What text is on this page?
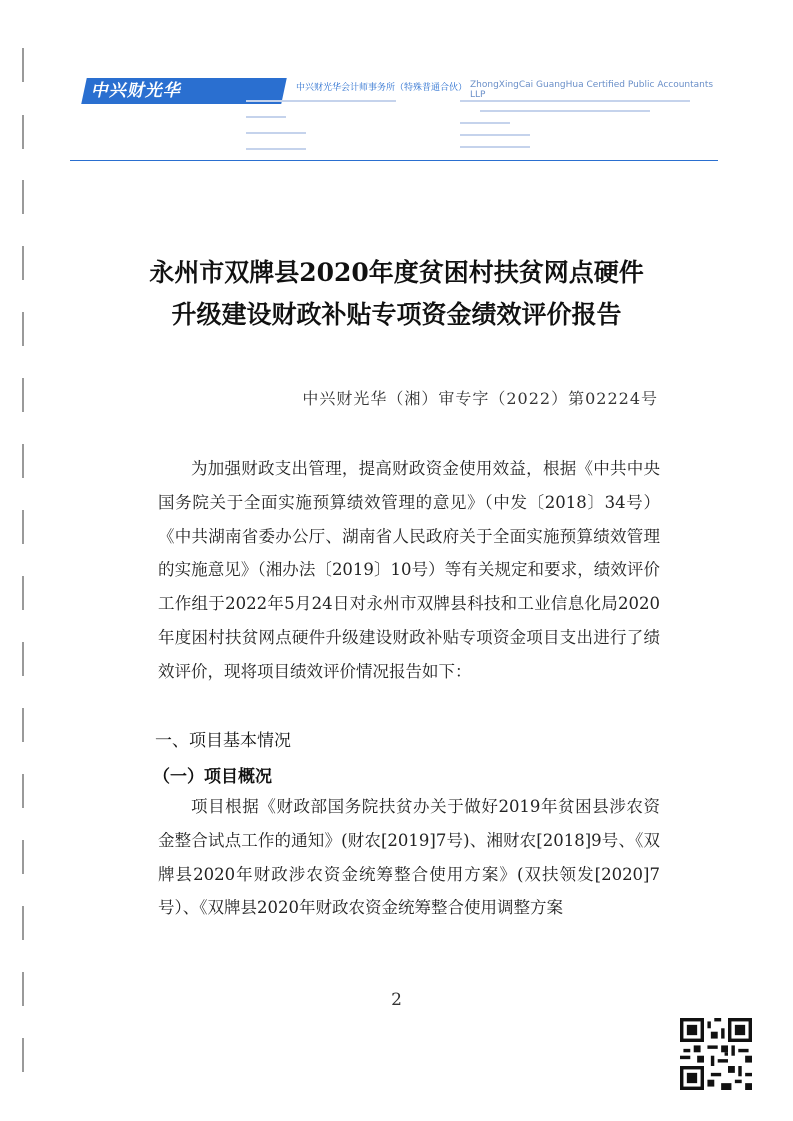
中兴财光华	中兴财光华会计师事务所（特殊普通合伙） ZhongXingCai GuangHua Certified Public Accountants LLP
永州市双牌县2020年度贫困村扶贫网点硬件
升级建设财政补贴专项资金绩效评价报告
中兴财光华（湘）审专字（2022）第02224号

为加强财政支出管理，提高财政资金使用效益，根据《中共中央国务院关于全面实施预算绩效管理的意见》（中发〔2018〕34号）《中共湖南省委办公厅、湖南省人民政府关于全面实施预算绩效管理的实施意见》（湘办法〔2019〕10号）等有关规定和要求，绩效评价工作组于2022年5月24日对永州市双牌县科技和工业信息化局2020年度困村扶贫网点硬件升级建设财政补贴专项资金项目支出进行了绩效评价，现将项目绩效评价情况报告如下：

一、项目基本情况
（一）项目概况

项目根据《财政部国务院扶贫办关于做好2019年贫困县涉农资金整合试点工作的通知》(财农[2019]7号)、湘财农[2018]9号、《双牌县2020年财政涉农资金统筹整合使用方案》(双扶领发[2020]7号）、《双牌县2020年财政农资金统筹整合使用调整方案

2
